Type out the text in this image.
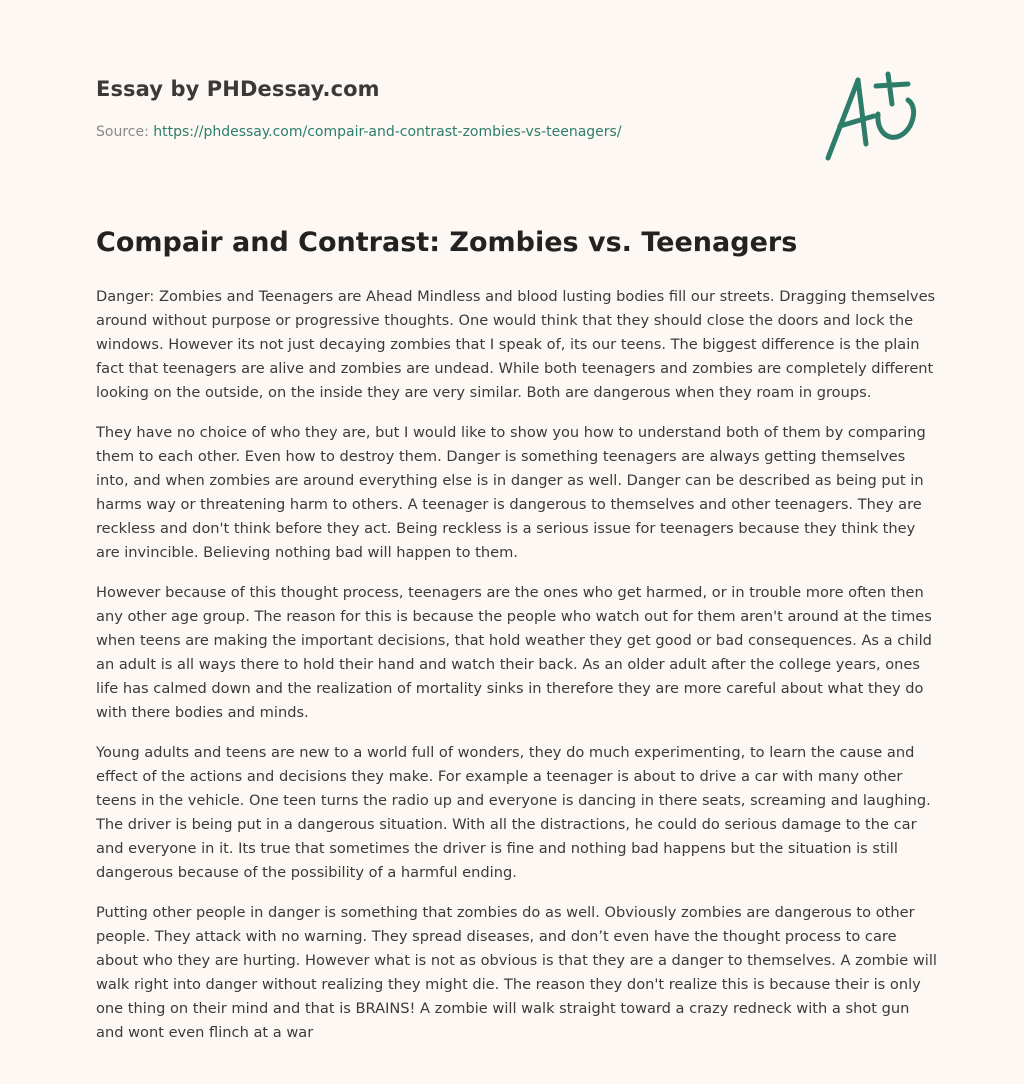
Essay by PHDessay.com
Source: https://phdessay.com/compair-and-contrast-zombies-vs-teenagers/
Compair and Contrast: Zombies vs. Teenagers

Danger: Zombies and Teenagers are Ahead Mindless and blood lusting bodies fill our streets. Dragging themselves around without purpose or progressive thoughts. One would think that they should close the doors and lock the windows. However its not just decaying zombies that I speak of, its our teens. The biggest difference is the plain fact that teenagers are alive and zombies are undead. While both teenagers and zombies are completely different looking on the outside, on the inside they are very similar. Both are dangerous when they roam in groups.

They have no choice of who they are, but I would like to show you how to understand both of them by comparing them to each other. Even how to destroy them. Danger is something teenagers are always getting themselves into, and when zombies are around everything else is in danger as well. Danger can be described as being put in harms way or threatening harm to others. A teenager is dangerous to themselves and other teenagers. They are reckless and don't think before they act. Being reckless is a serious issue for teenagers because they think they are invincible. Believing nothing bad will happen to them.

However because of this thought process, teenagers are the ones who get harmed, or in trouble more often then any other age group. The reason for this is because the people who watch out for them aren't around at the times when teens are making the important decisions, that hold weather they get good or bad consequences. As a child an adult is all ways there to hold their hand and watch their back. As an older adult after the college years, ones life has calmed down and the realization of mortality sinks in therefore they are more careful about what they do with there bodies and minds.

Young adults and teens are new to a world full of wonders, they do much experimenting, to learn the cause and effect of the actions and decisions they make. For example a teenager is about to drive a car with many other teens in the vehicle. One teen turns the radio up and everyone is dancing in there seats, screaming and laughing. The driver is being put in a dangerous situation. With all the distractions, he could do serious damage to the car and everyone in it. Its true that sometimes the driver is fine and nothing bad happens but the situation is still dangerous because of the possibility of a harmful ending.

Putting other people in danger is something that zombies do as well. Obviously zombies are dangerous to other people. They attack with no warning. They spread diseases, and don’t even have the thought process to care about who they are hurting. However what is not as obvious is that they are a danger to themselves. A zombie will walk right into danger without realizing they might die. The reason they don't realize this is because their is only one thing on their mind and that is BRAINS! A zombie will walk straight toward a crazy redneck with a shot gun and wont even flinch at a war
